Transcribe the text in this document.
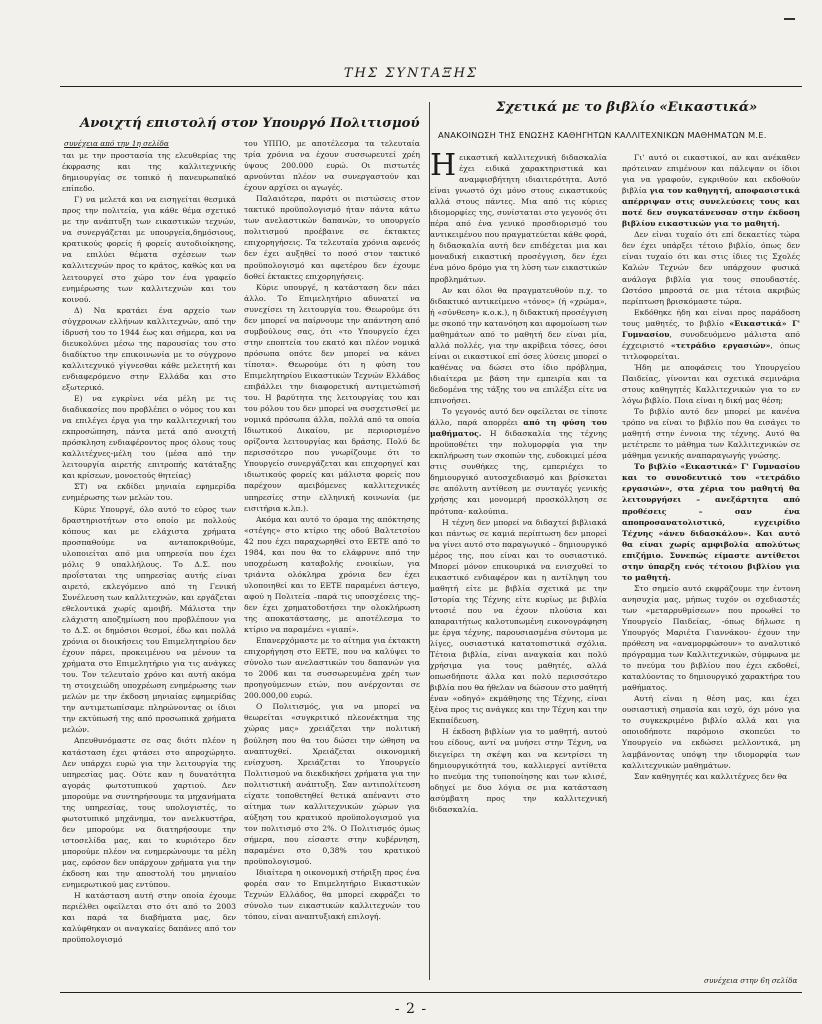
ΤΗΣ ΣΥΝΤΑΞΗΣ
Ανοιχτή επιστολή στον Υπουργό Πολιτισμού
συνέχεια από την 1η σελίδα

ται με την προστασία της ελευθερίας της έκφρασης και της καλλιτεχνικής δημιουργίας σε τοπικό ή πανευρωπαϊκό επίπεδο.

Γ) να μελετά και να εισηγείται θεσμικά προς την πολιτεία, για κάθε θέμα σχετικό με την ανάπτυξη των εικαστικών τεχνών, να συνεργάζεται με υπουργεία,δημόσιους, κρατικούς φορείς ή φορείς αυτοδιοίκησης, να επιλύει θέματα σχέσεων των καλλιτεχνών προς το κράτος, καθώς και να λειτουργεί στο χώρο τον ένα γραφείο ενημέρωσης των καλλιτεχνών και του κοινού.

Δ) Να κρατάει ένα αρχείο των σύγχρονων ελλήνων καλλιτεχνών, από την ίδρυσή του το 1944 έως και σήμερα, και να διευκολύνει μέσω της παρουσίας του στο διαδίκτυο την επικοινωνία με το σύγχρονο καλλιτεχνικό γίγνεσθαι κάθε μελετητή και ενδιαφερόμενο στην Ελλάδα και στο εξωτερικό.

Ε) να εγκρίνει νέα μέλη με τις διαδικασίες που προβλέπει ο νόμος του και να επιλέγει έργα για την καλλιτεχνική του εκπροσώπηση, πάντα μετά από ανοιχτή πρόσκληση ενδιαφέροντος προς όλους τους καλλιτέχνες-μέλη του (μέσα από την λειτουργία αιρετής επιτροπής κατάταξης και κρίσεων, μονοετούς θητείας)

ΣΤ) να εκδίδει μηνιαία εφημερίδα ενημέρωσης των μελών του.

Κύριε Υπουργέ, όλο αυτό το εύρος των δραστηριοτήτων στο οποίο με πολλούς κόπους και με ελάχιστα χρήματα προσπαθούμε να ανταποκριθούμε, υλοποιείται από μια υπηρεσία που έχει μόλις 9 υπαλλήλους. Το Δ.Σ. που προΐσταται της υπηρεσίας αυτής είναι αιρετό, εκλεγόμενο από τη Γενική Συνέλευση των καλλιτεχνών, και εργάζεται εθελοντικά χωρίς αμοιβή. Μάλιστα την ελάχιστη αποζημίωση που προβλέπουν για το Δ.Σ. οι δημόσιοι θεσμοί, έδω και πολλά χρόνια οι διοικήσεις του Επιμελητηρίου δεν έχουν πάρει, προκειμένου να μένουν τα χρήματα στο Επιμελητήριο για τις ανάγκες του. Τον τελευταίο χρόνο και αυτή ακόμα τη στοιχειώδη υποχρέωση ενημέρωσης των μελών με την έκδοση μηνιαίας εφημερίδας την αντιμετωπίσαμε πληρώνοντας οι ίδιοι την εκτύπωσή της από προσωπικά χρήματα μελών.

Απευθυνόμαστε σε σας διότι πλέον η κατάσταση έχει φτάσει στο απροχώρητο. Δεν υπάρχει ευρώ για την λειτουργία της υπηρεσίας μας. Ούτε καν η δυνατότητα αγοράς φωτοτυπικού χαρτιού. Δεν μπορούμε να συντηρήσουμε τα μηχανήματα της υπηρεσίας, τους υπολογιστές, το φωτοτυπικό μηχάνημα, τον ανελκυστήρα, δεν μπορούμε να διατηρήσουμε την ιστοσελίδα μας, και το κυριότερο δεν μπορούμε πλέον να ενημερώνουμε τα μέλη μας, εφόσον δεν υπάρχουν χρήματα για την έκδοση και την αποστολή του μηνιαίου ενημερωτικού μας εντύπου.

Η κατάσταση αυτή στην οποία έχουμε περιέλθει οφείλεται στο ότι από το 2003 και παρά τα διαβήματα μας, δεν καλύφθηκαν οι αναγκαίες δαπάνες από τον προϋπολογισμό

του ΥΠΠΟ, με αποτέλεσμα τα τελευταία τρία χρόνια να έχουν συσσωρευτεί χρέη ύψους 200.000 ευρώ. Οι πιστωτές αρνούνται πλέον να συνεργαστούν και έχουν αρχίσει οι αγωγές.

Παλαιότερα, παρότι οι πιστώσεις στον τακτικό προϋπολογισμό ήταν πάντα κάτω των ανελαστικών δαπανών, το υπουργείο πολιτισμού προέβαινε σε έκτακτες επιχορηγήσεις. Τα τελευταία χρόνια αφενός δεν έχει αυξηθεί το ποσό στον τακτικό προϋπολογισμό και αφετέρου δεν έχουμε δοθεί έκτακτες επιχορηγήσεις.

Κύριε υπουργέ, η κατάσταση δεν πάει άλλο. Το Επιμελητήριο αδυνατεί να συνεχίσει τη λειτουργία του. Θεωρούμε ότι δεν μπορεί να παίρνουμε την απάντηση από συμβούλους σας, ότι «το Υπουργείο έχει στην εποπτεία του εκατό και πλέον νομικά πρόσωπα οπότε δεν μπορεί να κάνει τίποτα». Θεωρούμε ότι η φύση του Επιμελητηρίου Εικαστικών Τεχνών Ελλάδος επιβάλλει την διαφορετική αντιμετώπισή του. Η βαρύτητα της λειτουργίας του και του ρόλου του δεν μπορεί να συσχετισθεί με νομικά πρόσωπα άλλα, πολλά από τα οποία Ιδιωτικού Δικαίου, με περιορισμένο ορίζοντα λειτουργίας και δράσης. Πολύ δε περισσότερο που γνωρίζουμε ότι το Υπουργείο συνεργάζεται και επιχορηγεί και ιδιωτικούς φορείς και μάλιστα φορείς που παρέχουν αμειβόμενες καλλιτεχνικές υπηρεσίες στην ελληνική κοινωνία (με εισιτήρια κ.λπ.).

Ακόμα και αυτό το όραμα της απόκτησης «στέγης» στο κτίριο της οδού Βαλτετσίου 42 που έχει παραχωρηθεί στο ΕΕΤΕ από το 1984, και που θα το ελάφρυνε από την υποχρέωση καταβολής ενοικίων, για τριάντα ολόκληρα χρόνια δεν έχει υλοποιηθεί και το ΕΕΤΕ παραμένει άστεγο, αφού η Πολιτεία –παρά τις υποσχέσεις της– δεν έχει χρηματοδοτήσει την ολοκλήρωση της αποκατάστασης, με αποτέλεσμα το κτίριο να παραμένει «γιαπί».

Επανερχόμαστε με το αίτημα για έκτακτη επιχορήγηση στο ΕΕΤΕ, που να καλύψει το σύνολο των ανελαστικών του δαπανών για το 2006 και τα συσσωρευμένα χρέη των προηγούμενων ετών, που ανέρχονται σε 200.000,00 ευρώ.

Ο Πολιτισμός, για να μπορεί να θεωρείται «συγκριτικό πλεονέκτημα της χώρας μας» χρειάζεται την πολιτική βούληση που θα του δώσει την ώθηση να αναπτυχθεί. Χρειάζεται οικονομική ενίσχυση. Χρειάζεται το Υπουργείο Πολιτισμού να διεκδικήσει χρήματα για την πολιτιστική ανάπτυξη. Σαν αντιπολίτευση είχατε τοποθετηθεί θετικά απέναντι στο αίτημα των καλλιτεχνικών χώρων για αύξηση του κρατικού προϋπολογισμού για τον πολιτισμό στο 2%. Ο Πολιτισμός όμως σήμερα, που είσαστε στην κυβέρνηση, παραμένει στο 0,38% του κρατικού προϋπολογισμού.

Ιδιαίτερα η οικονομική στήριξη προς ένα φορέα σαν το Επιμελητήριο Εικαστικών Τεχνών Ελλάδος, θα μπορεί εκφράζει το σύνολο των εικαστικών καλλιτεχνών του τόπου, είναι αναπτυξιακή επιλογή.

Σχετικά με το βιβλίο «Εικαστικά»
ΑΝΑΚΟΙΝΩΣΗ ΤΗΣ ΕΝΩΣΗΣ ΚΑΘΗΓΗΤΩΝ ΚΑΛΛΙΤΕΧΝΙΚΩΝ ΜΑΘΗΜΑΤΩΝ Μ.Ε.

Η εικαστική καλλιτεχνική διδασκαλία έχει ειδικά χαρακτηριστικά και αναμφισβήτητη ιδιαιτερότητα. Αυτό είναι γνωστό όχι μόνο στους εικαστικούς αλλά στους πάντες. Μια από τις κύριες ιδιομορφίες της, συνίσταται στο γεγονός ότι πέρα από ένα γενικό προσδιορισμό του αντικειμένου που πραγματεύεται κάθε φορά, η διδασκαλία αυτή δεν επιδέχεται μια και μοναδική εικαστική προσέγγιση, δεν έχει ένα μόνο δρόμο για τη λύση των εικαστικών προβλημάτων.

Αν και όλοι θα πραγματευθούν π.χ. το διδακτικό αντικείμενο «τόνος» (ή «χρώμα», ή «σύνθεση» κ.ο.κ.), η διδακτική προσέγγιση με σκοπό την κατανόηση και αφομοίωση των μαθημάτων από το μαθητή δεν είναι μία, αλλά πολλές, για την ακρίβεια τόσες, όσοι είναι οι εικαστικοί επί όσες λύσεις μπορεί ο καθένας να δώσει στο ίδιο πρόβλημα, ιδιαίτερα με βάση την εμπειρία και τα δεδομένα της τάξης του να επιλέξει είτε να επινοήσει.

Το γεγονός αυτό δεν οφείλεται σε τίποτε άλλο, παρά απορρέει από τη φύση του μαθήματος. Η διδασκαλία της τέχνης προϋποθέτει την πολυμορφία για την εκπλήρωση των σκοπών της, ευδοκιμεί μέσα στις συνθήκες της, εμπεριέχει το δημιουργικό αυτοσχεδιασμό και βρίσκεται σε απόλυτη αντίθεση με συνταγές γενικής χρήσης και μονομερή προσκόλληση σε πρότυπα- καλούπια.

Η τέχνη δεν μπορεί να διδαχτεί βιβλιακά και πάντως σε καμιά περίπτωση δεν μπορεί να γίνει αυτό στο παραγωγικό – δημιουργικό μέρος της, που είναι και το ουσιαστικό. Μπορεί μόνον επικουρικά να ενισχυθεί το εικαστικό ενδιαφέρον και η αντίληψη του μαθητή είτε με βιβλία σχετικά με την Ιστορία της Τέχνης είτε κυρίως με βιβλία ντοσιέ που να έχουν πλούσια και απαραιτήτως καλοτυπωμένη εικονογράφηση με έργα τέχνης, παρουσιασμένα σύντομα με λίγες, ουσιαστικά κατατοπιστικά σχόλια. Τέτοια βιβλία, είναι αναγκαία και πολύ χρήσιμα για τους μαθητές, αλλά οπωσδήποτε άλλα και πολύ περισσότερο βιβλία που θα ήθελαν να δώσουν στο μαθητή έναν «οδηγό» εκμάθησης της Τέχνης, είναι ξένα προς τις ανάγκες και την Τέχνη και την Εκπαίδευση.

Η έκδοση βιβλίων για το μαθητή, αυτού του είδους, αντί να μυήσει στην Τέχνη, να διεγείρει τη σκέψη και να κεντρίσει τη δημιουργικότητά του, καλλιεργεί αντίθετα το πνεύμα της τυποποίησης και των κλισέ, οδηγεί με δυο λόγια σε μια κατάσταση ασύμβατη προς την καλλιτεχνική διδασκαλία.

Γι' αυτό οι εικαστικοί, αν και ανέκαθεν πρότειναν επιμένουν και πάλεψαν οι ίδιοι για να γραφούν, εγκριθούν και εκδοθούν βιβλία για τον καθηγητή, αποφασιστικά απέρριψαν στις συνελεύσεις τους και ποτέ δεν συγκατάνευσαν στην έκδοση βιβλίου εικαστικών για το μαθητή.

Δεν είναι τυχαίο ότι επί δεκαετίες τώρα δεν έχει υπάρξει τέτοιο βιβλίο, όπως δεν είναι τυχαίο ότι και στις ίδιες τις Σχολές Καλών Τεχνών δεν υπάρχουν φυσικά ανάλογα βιβλία για τους σπουδαστές. Ωστόσο μπροστά σε μια τέτοια ακριβώς περίπτωση βρισκόμαστε τώρα.

Εκδόθηκε ήδη και είναι προς παράδοση τους μαθητές, το βιβλίο «Εικαστικά» Γ' Γυμνασίου, συνοδευόμενο μάλιστα από έχχειριστό «τετράδιο εργασιών», όπως τιτλοφορείται.

Ήδη με αποφάσεις του Υπουργείου Παιδείας, γίνονται και σχετικά σεμινάρια στους καθηγητές Καλλιτεχνικών για το εν λόγω βιβλίο. Ποια είναι η δική μας θέση;

Το βιβλίο αυτό δεν μπορεί με κανένα τρόπο να είναι το βιβλίο που θα εισάγει το μαθητή στην έννοια της τέχνης. Αυτό θα μετέτρεπε το μάθημα των Καλλιτεχνικών σε μάθημα γενικής αναπαραγωγής γνώσης.

Το βιβλίο «Εικαστικά» Γ' Γυμνασίου και το συνοδευτικό του «τετράδιο εργασιών», στα χέρια του μαθητή θα λειτουργήσει – ανεξάρτητα από προθέσεις – σαν ένα αποπροσανατολιστικό, εγχειρίδιο Τέχνης «άνευ διδασκάλου». Και αυτό θα είναι χωρίς αμφιβολία απολύτως επιζήμιο. Συνεπώς είμαστε αντίθετοι στην ύπαρξη ενός τέτοιου βιβλίου για το μαθητή.

Στο σημείο αυτό εκφράζουμε την έντονη ανησυχία μας, μήπως τυχόν οι σχεδιαστές των «μεταρρυθμίσεων» που προωθεί το Υπουργείο Παιδείας, -όπως δήλωσε η Υπουργός Μαριέτα Γιαννάκου- έχουν την πρόθεση να «αναμορφώσουν» το αναλυτικό πρόγραμμα των Καλλιτεχνικών, σύμφωνα με το πνεύμα του βιβλίου που έχει εκδοθεί, καταλύοντας το δημιουργικό χαρακτήρα του μαθήματος.

Αυτή είναι η θέση μας, και έχει ουσιαστική σημασία και ισχύ, όχι μόνο για το συγκεκριμένο βιβλίο αλλά και για οποιοδήποτε παρόμοιο σκοπεύει το Υπουργείο να εκδώσει μελλοντικά, μη λαμβάνοντας υπόψη την ιδιομορφία των καλλιτεχνικών μαθημάτων.

Σαν καθηγητές και καλλιτέχνες δεν θα

συνέχεια στην 6η σελίδα
- 2 -
